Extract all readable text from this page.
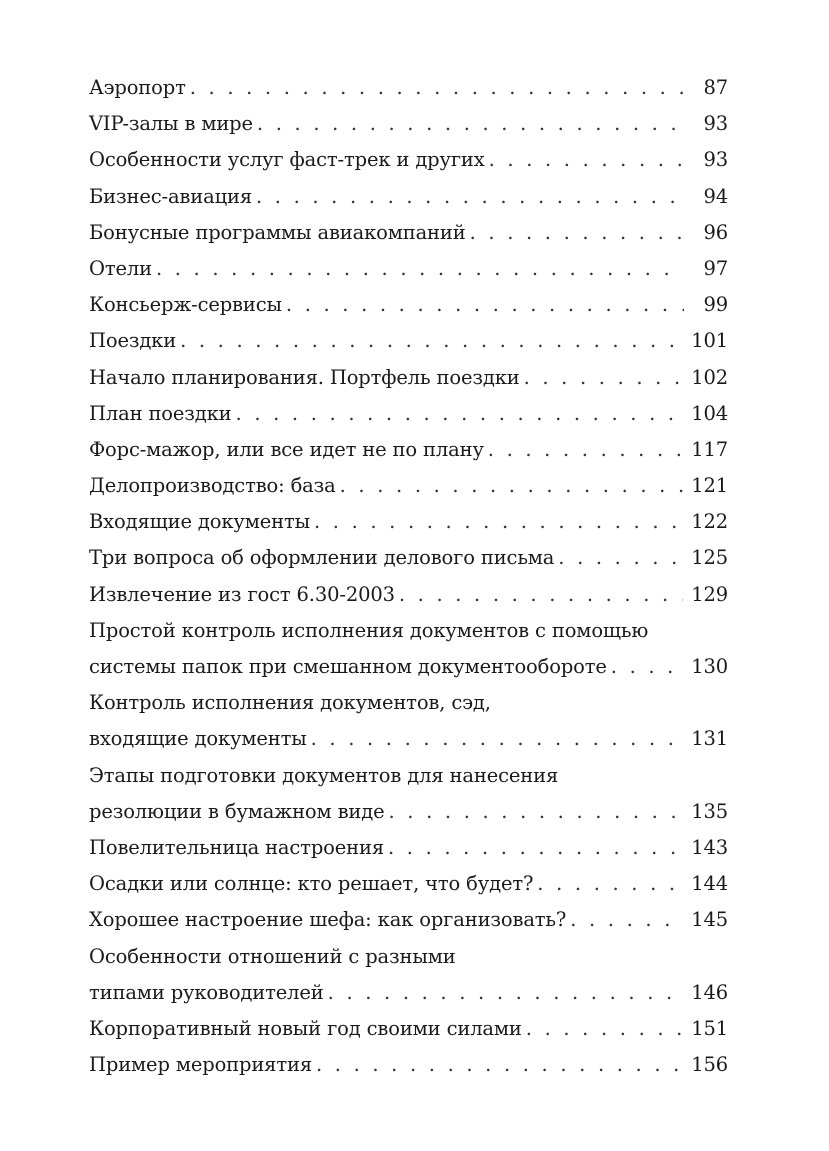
Аэропорт . . .	87
VIP-залы в мире . . .	93
Особенности услуг фаст-трек и других . . .	93
Бизнес-авиация . . .	94
Бонусные программы авиакомпаний . . .	96
Отели . . .	97
Консьерж-сервисы . . .	99
Поездки . . .	101
Начало планирования. Портфель поездки . . .	102
План поездки . . .	104
Форс-мажор, или все идет не по плану . . .	117
Делопроизводство: база . . .	121
Входящие документы . . .	122
Три вопроса об оформлении делового письма . . .	125
Извлечение из гост 6.30-2003 . . .	129
Простой контроль исполнения документов с помощью
системы папок при смешанном документообороте . . .	130
Контроль исполнения документов, сэд,
входящие документы . . .	131
Этапы подготовки документов для нанесения
резолюции в бумажном виде . . .	135
Повелительница настроения . . .	143
Осадки или солнце: кто решает, что будет? . . .	144
Хорошее настроение шефа: как организовать? . . .	145
Особенности отношений с разными
типами руководителей . . .	146
Корпоративный новый год своими силами . . .	151
Пример мероприятия . . .	156
